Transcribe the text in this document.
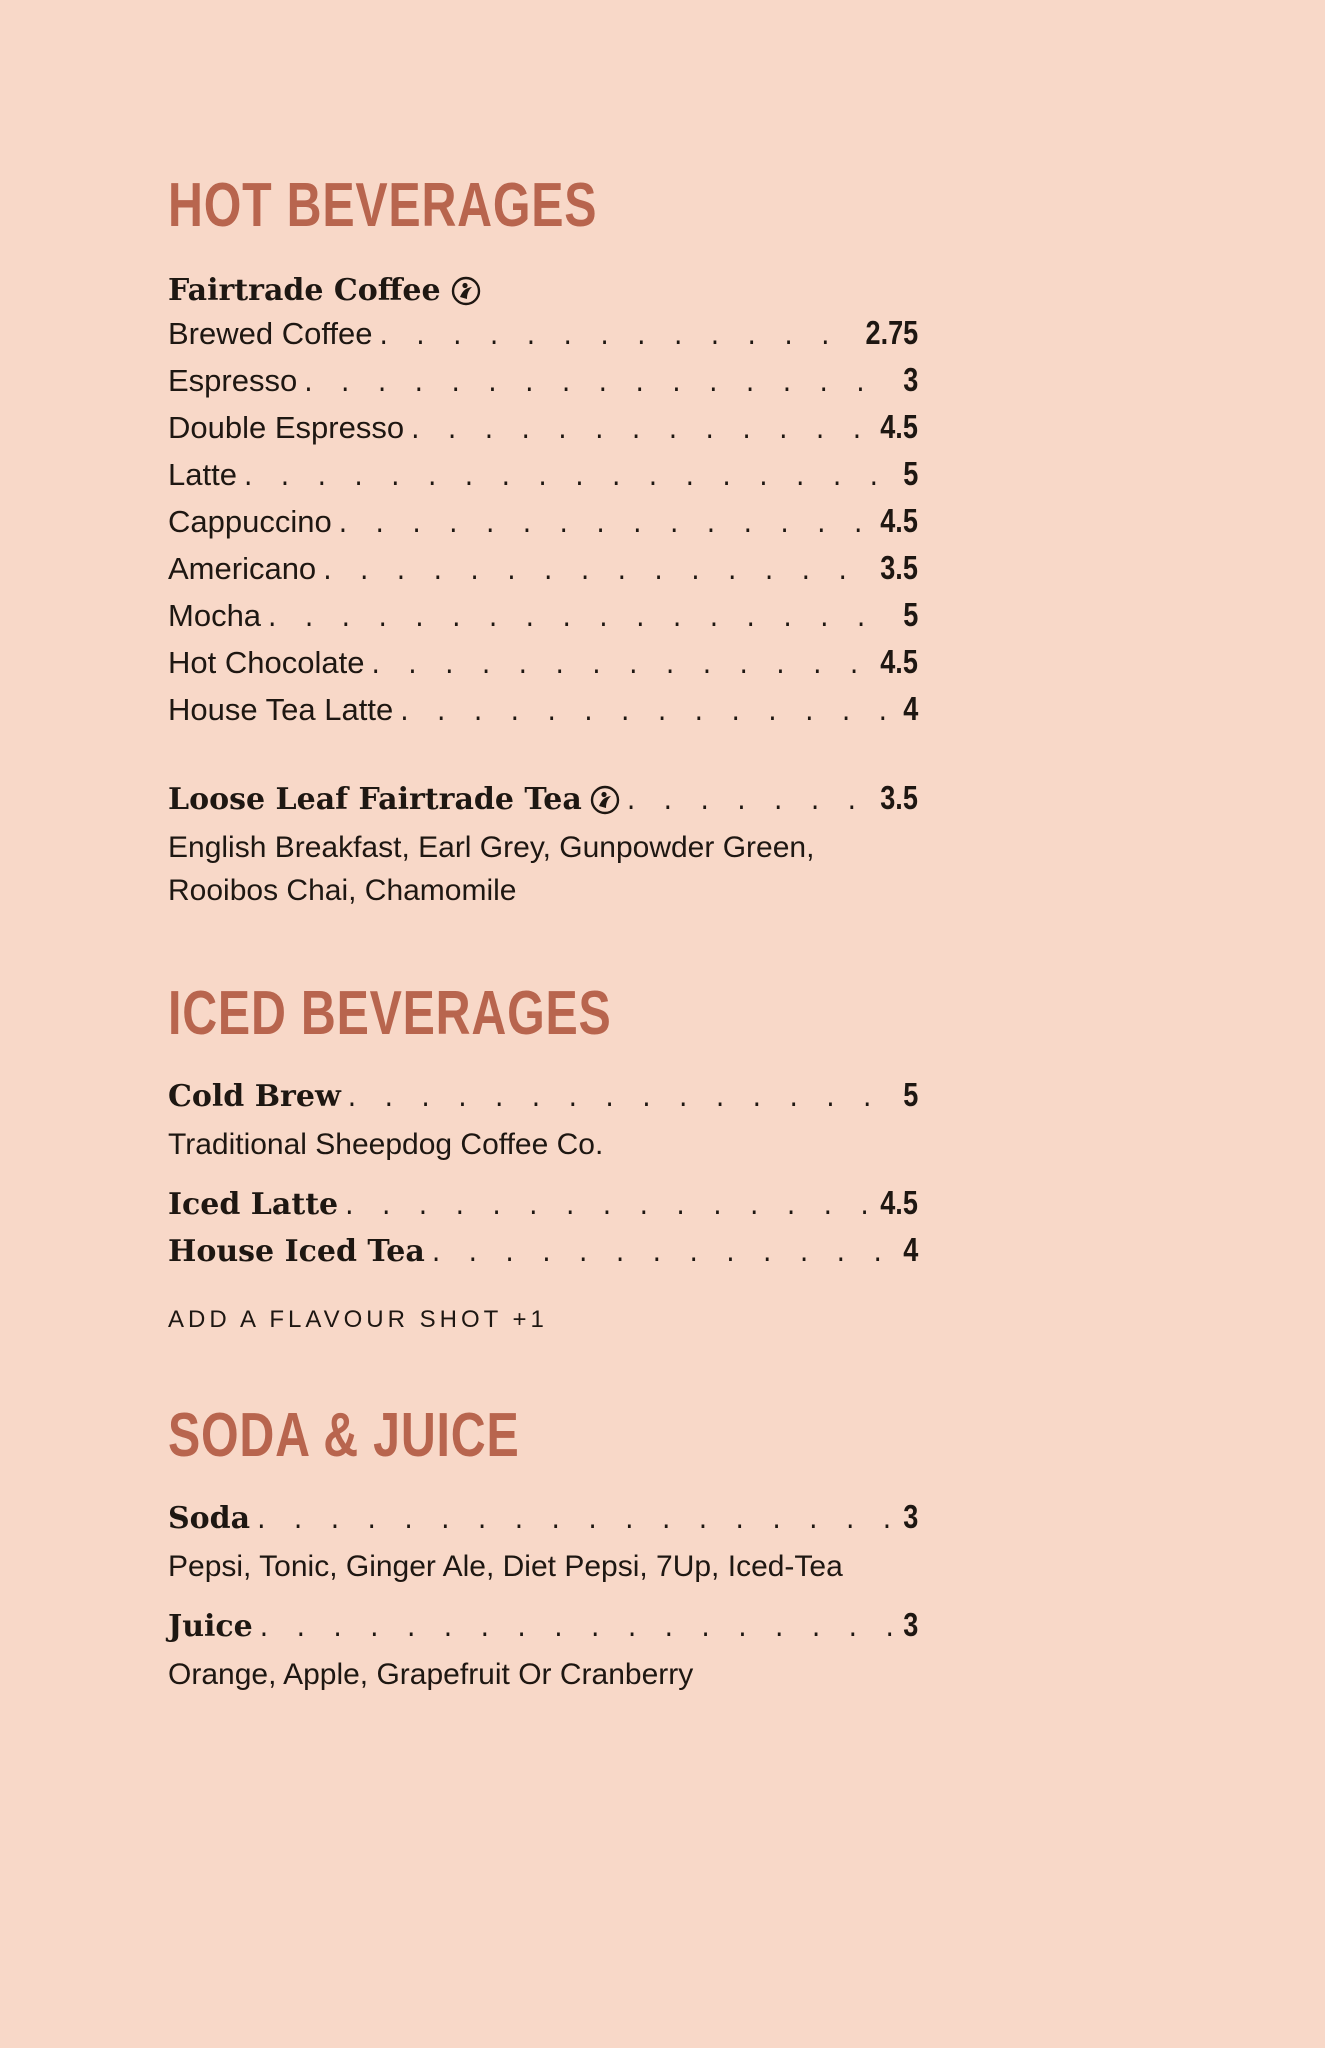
HOT BEVERAGES
Fairtrade Coffee
Brewed Coffee . . .	2.75
Espresso . . .	3
Double Espresso . . .	4.5
Latte . . .	5
Cappuccino . . .	4.5
Americano . . .	3.5
Mocha . . .	5
Hot Chocolate . . .	4.5
House Tea Latte . . .	4
Loose Leaf Fairtrade Tea . . .	3.5
English Breakfast, Earl Grey, Gunpowder Green,
Rooibos Chai, Chamomile
ICED BEVERAGES
Cold Brew . . .	5
Traditional Sheepdog Coffee Co.
Iced Latte . . .	4.5
House Iced Tea . . .	4
ADD A FLAVOUR SHOT +1
SODA & JUICE
Soda . . .	3
Pepsi, Tonic, Ginger Ale, Diet Pepsi, 7Up, Iced-Tea
Juice . . .	3
Orange, Apple, Grapefruit Or Cranberry
